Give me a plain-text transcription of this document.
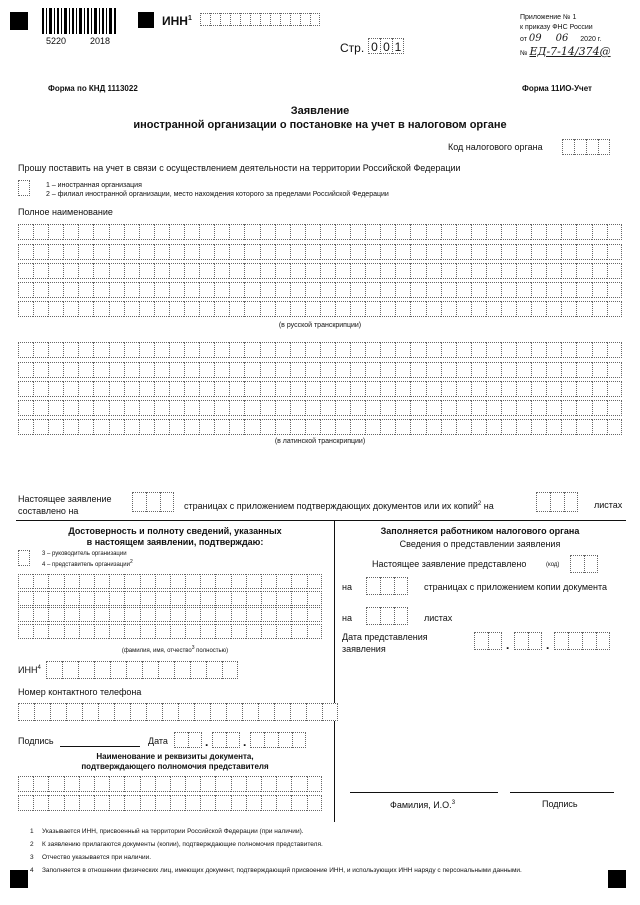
5220	2018
ИНН$^1$
Стр. 0 0 1
Приложение № 1
к приказу ФНС России
от 09 06 2020 г.
№ ЕД-7-14/374@
Форма по КНД 1113022	Форма 11ИО-Учет
Заявление
иностранной организации о постановке на учет в налоговом органе
Код налогового органа
Прошу поставить на учет в связи с осуществлением деятельности на территории Российской Федерации
1 – иностранная организация
2 – филиал иностранной организации, место нахождения которого за пределами Российской Федерации
Полное наименование
(в русской транскрипции)
(в латинской транскрипции)
Настоящее заявление
составлено на	страницах с приложением подтверждающих документов или их копий$^2$ на	листах
Достоверность и полноту сведений, указанных
в настоящем заявлении, подтверждаю:
3 – руководитель организации
4 – представитель организации$^2$
(фамилия, имя, отчество$^3$ полностью)
ИНН$^4$
Номер контактного телефона
Подпись	Дата	.	.
Наименование и реквизиты документа,
подтверждающего полномочия представителя
Заполняется работником налогового органа
Сведения о представлении заявления
Настоящее заявление представлено	(код)
на	страницах с приложением копии документа
на	листах
Дата представления
заявления	.	.
Фамилия, И.О.$^3$	Подпись
1 Указывается ИНН, присвоенный на территории Российской Федерации (при наличии).
2 К заявлению прилагаются документы (копии), подтверждающие полномочия представителя.
3 Отчество указывается при наличии.
4 Заполняется в отношении физических лиц, имеющих документ, подтверждающий присвоение ИНН, и использующих ИНН наряду с персональными данными.
